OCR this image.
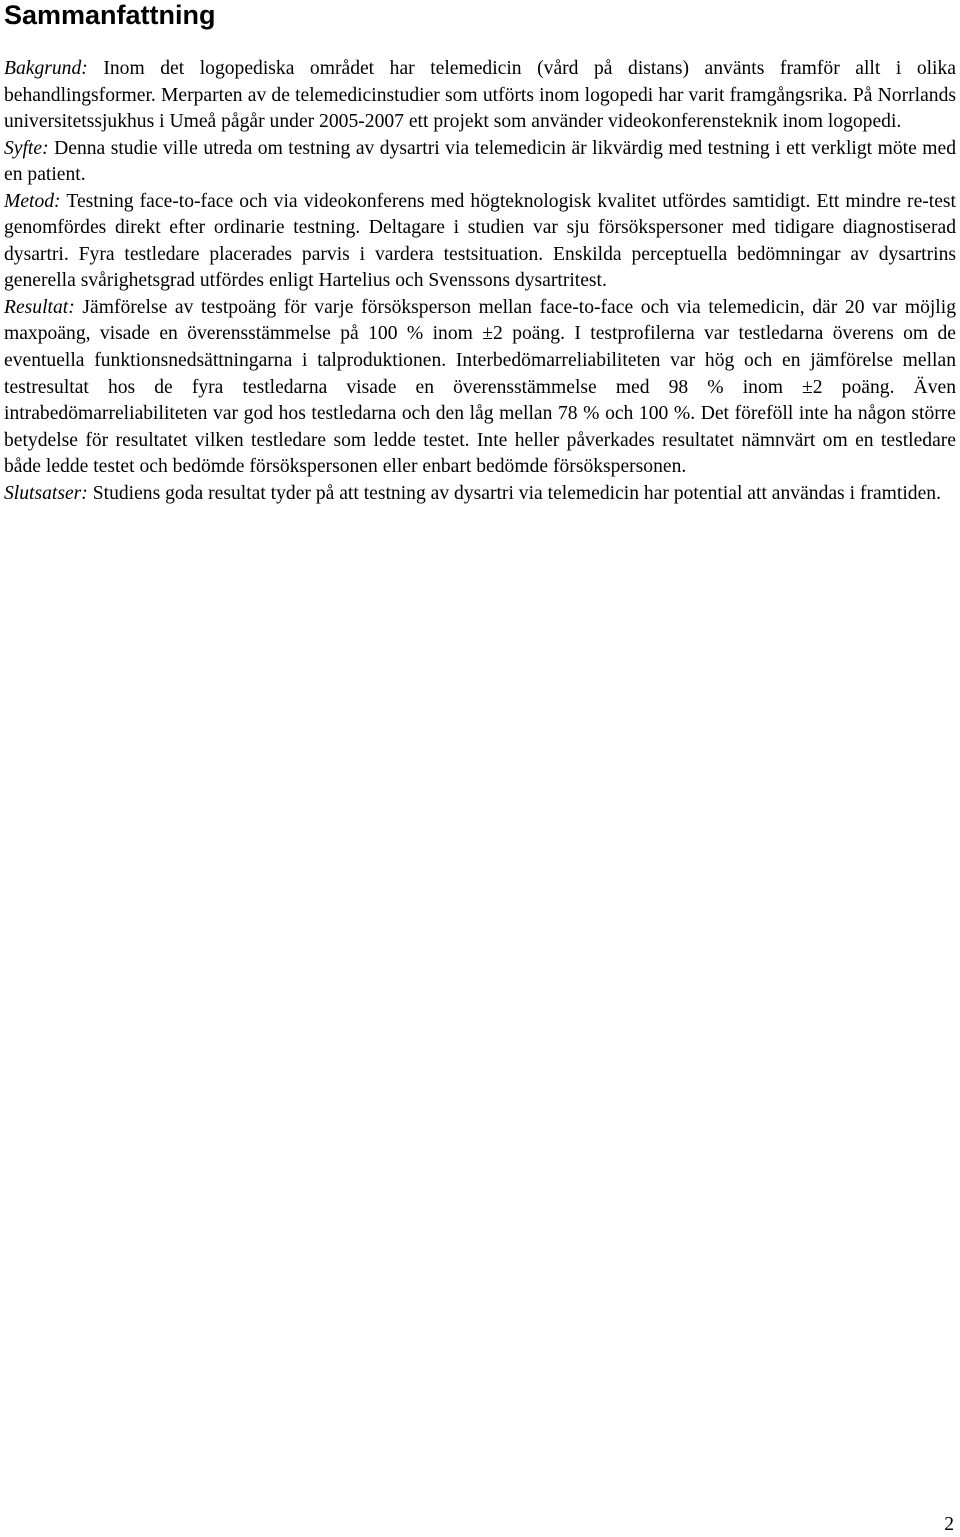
Sammanfattning

Bakgrund: Inom det logopediska området har telemedicin (vård på distans) använts framför allt i olika behandlingsformer. Merparten av de telemedicinstudier som utförts inom logopedi har varit framgångsrika. På Norrlands universitetssjukhus i Umeå pågår under 2005-2007 ett projekt som använder videokonferensteknik inom logopedi.

Syfte: Denna studie ville utreda om testning av dysartri via telemedicin är likvärdig med testning i ett verkligt möte med en patient.

Metod: Testning face-to-face och via videokonferens med högteknologisk kvalitet utfördes samtidigt. Ett mindre re-test genomfördes direkt efter ordinarie testning. Deltagare i studien var sju försökspersoner med tidigare diagnostiserad dysartri. Fyra testledare placerades parvis i vardera testsituation. Enskilda perceptuella bedömningar av dysartrins generella svårighetsgrad utfördes enligt Hartelius och Svenssons dysartritest.

Resultat: Jämförelse av testpoäng för varje försöksperson mellan face-to-face och via telemedicin, där 20 var möjlig maxpoäng, visade en överensstämmelse på 100 % inom ±2 poäng. I testprofilerna var testledarna överens om de eventuella funktionsnedsättningarna i talproduktionen. Interbedömarreliabiliteten var hög och en jämförelse mellan testresultat hos de fyra testledarna visade en överensstämmelse med 98 % inom ±2 poäng. Även intrabedömarreliabiliteten var god hos testledarna och den låg mellan 78 % och 100 %. Det föreföll inte ha någon större betydelse för resultatet vilken testledare som ledde testet. Inte heller påverkades resultatet nämnvärt om en testledare både ledde testet och bedömde försökspersonen eller enbart bedömde försökspersonen.

Slutsatser: Studiens goda resultat tyder på att testning av dysartri via telemedicin har potential att användas i framtiden.

2
